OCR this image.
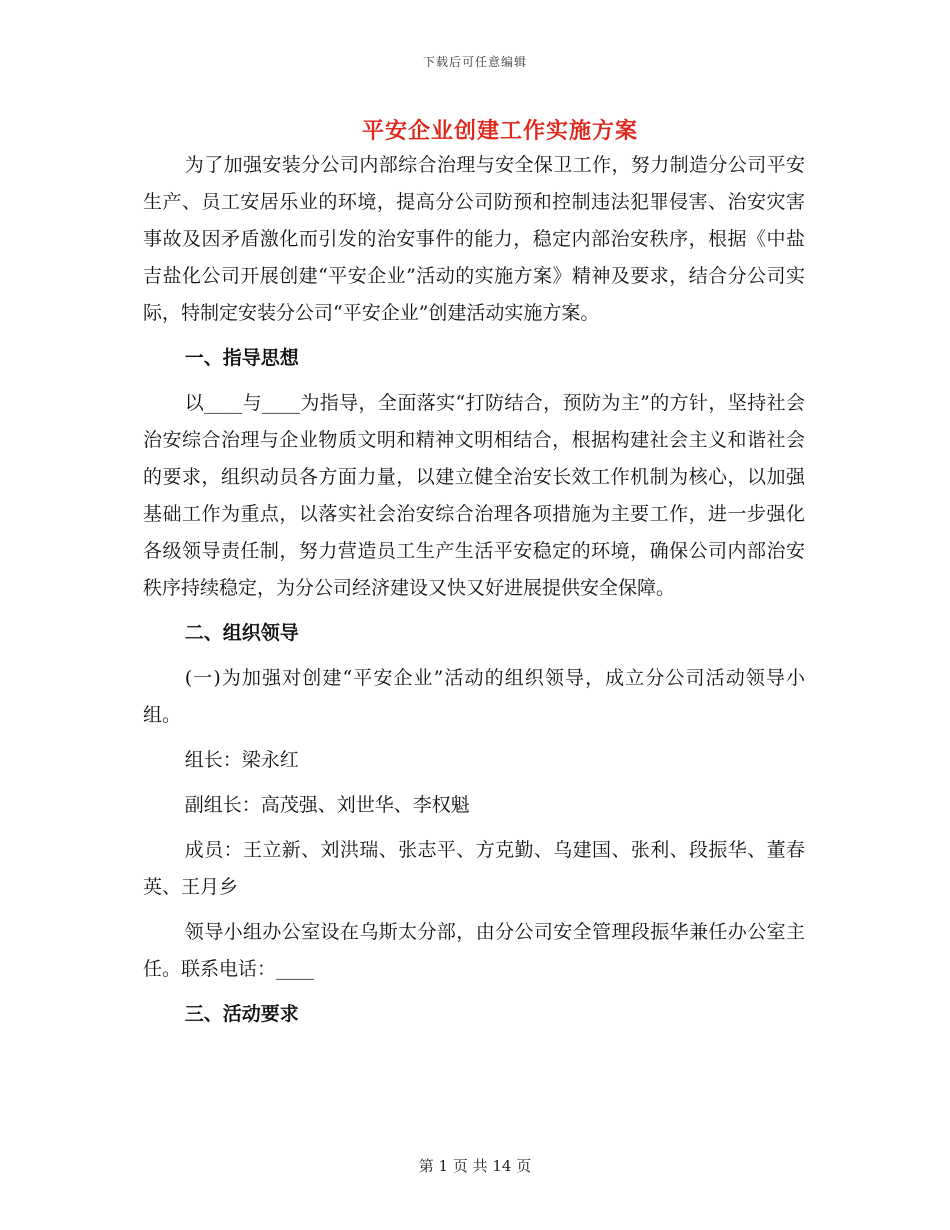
下载后可任意编辑
平安企业创建工作实施方案

为了加强安装分公司内部综合治理与安全保卫工作，努力制造分公司平安生产、员工安居乐业的环境，提高分公司防预和控制违法犯罪侵害、治安灾害事故及因矛盾激化而引发的治安事件的能力，稳定内部治安秩序，根据《中盐吉盐化公司开展创建“平安企业”活动的实施方案》精神及要求，结合分公司实际，特制定安装分公司“平安企业”创建活动实施方案。

一、指导思想

以____与____为指导，全面落实“打防结合，预防为主”的方针，坚持社会治安综合治理与企业物质文明和精神文明相结合，根据构建社会主义和谐社会的要求，组织动员各方面力量，以建立健全治安长效工作机制为核心，以加强基础工作为重点，以落实社会治安综合治理各项措施为主要工作，进一步强化各级领导责任制，努力营造员工生产生活平安稳定的环境，确保公司内部治安秩序持续稳定，为分公司经济建设又快又好进展提供安全保障。

二、组织领导

(一)为加强对创建“平安企业”活动的组织领导，成立分公司活动领导小组。

组长：梁永红

副组长：高茂强、刘世华、李权魁

成员：王立新、刘洪瑞、张志平、方克勤、乌建国、张利、段振华、董春英、王月乡

领导小组办公室设在乌斯太分部，由分公司安全管理段振华兼任办公室主任。联系电话：____

三、活动要求
第 1 页 共 14 页
